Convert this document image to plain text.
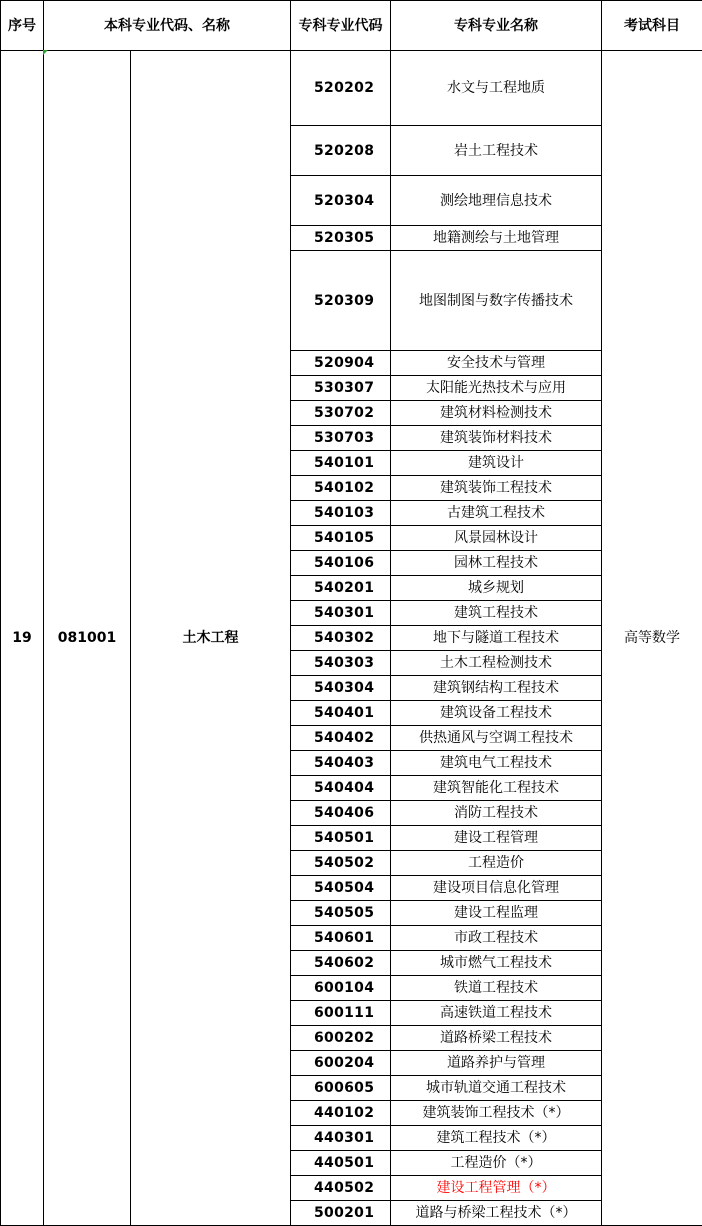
序号	本科专业代码、名称		专科专业代码	专科专业名称	考试科目
19	081001	土木工程	520202	水文与工程地质	高等数学
			520208	岩土工程技术	
			520304	测绘地理信息技术	
			520305	地籍测绘与土地管理	
			520309	地图制图与数字传播技术	
			520904	安全技术与管理	
			530307	太阳能光热技术与应用	
			530702	建筑材料检测技术	
			530703	建筑装饰材料技术	
			540101	建筑设计	
			540102	建筑装饰工程技术	
			540103	古建筑工程技术	
			540105	风景园林设计	
			540106	园林工程技术	
			540201	城乡规划	
			540301	建筑工程技术	
			540302	地下与隧道工程技术	
			540303	土木工程检测技术	
			540304	建筑钢结构工程技术	
			540401	建筑设备工程技术	
			540402	供热通风与空调工程技术	
			540403	建筑电气工程技术	
			540404	建筑智能化工程技术	
			540406	消防工程技术	
			540501	建设工程管理	
			540502	工程造价	
			540504	建设项目信息化管理	
			540505	建设工程监理	
			540601	市政工程技术	
			540602	城市燃气工程技术	
			600104	铁道工程技术	
			600111	高速铁道工程技术	
			600202	道路桥梁工程技术	
			600204	道路养护与管理	
			600605	城市轨道交通工程技术	
			440102	建筑装饰工程技术（*）	
			440301	建筑工程技术（*）	
			440501	工程造价（*）	
			440502	建设工程管理（*）	
			500201	道路与桥梁工程技术（*）	
